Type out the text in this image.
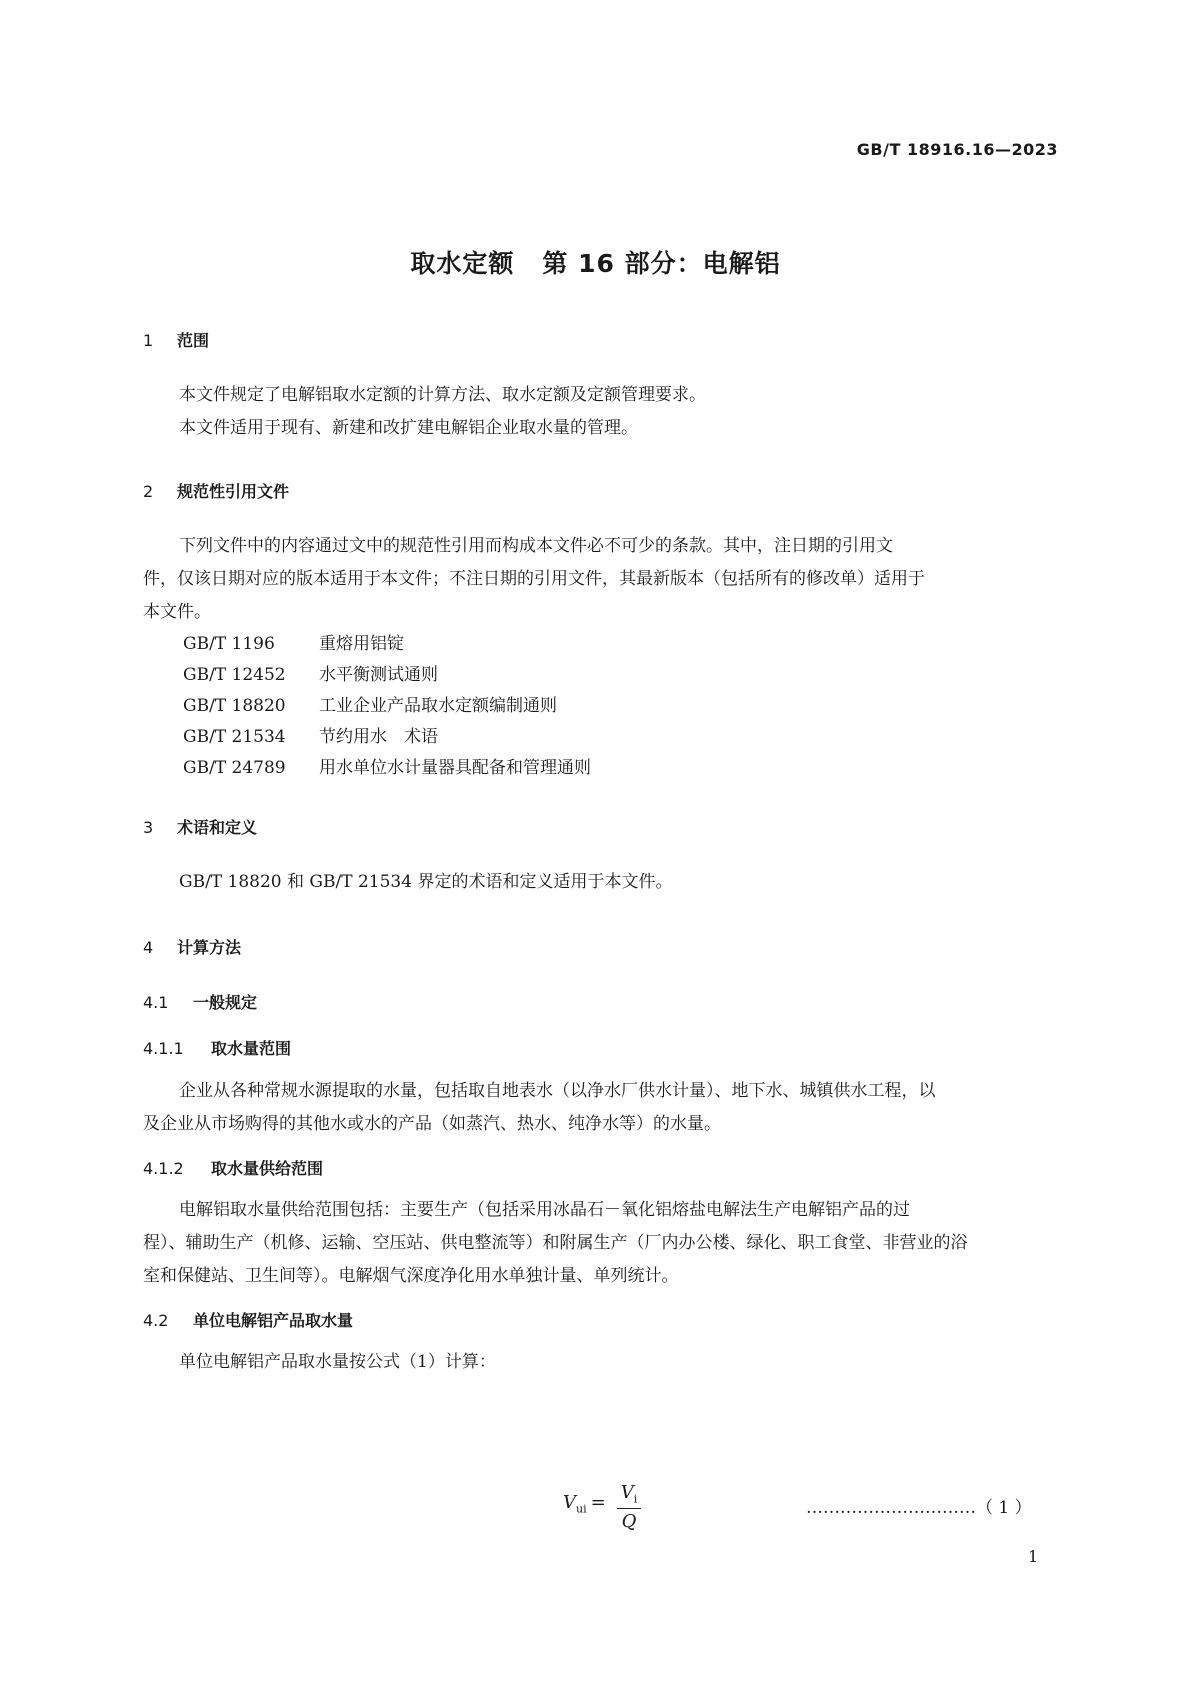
GB/T 18916.16—2023
取水定额 第 16 部分：电解铝
1 范围
本文件规定了电解铝取水定额的计算方法、取水定额及定额管理要求。
本文件适用于现有、新建和改扩建电解铝企业取水量的管理。
2 规范性引用文件
下列文件中的内容通过文中的规范性引用而构成本文件必不可少的条款。其中，注日期的引用文
件，仅该日期对应的版本适用于本文件；不注日期的引用文件，其最新版本（包括所有的修改单）适用于
本文件。
GB/T 1196	重熔用铝锭
GB/T 12452 水平衡测试通则
GB/T 18820 工业企业产品取水定额编制通则
GB/T 21534 节约用水　术语
GB/T 24789 用水单位水计量器具配备和管理通则
3 术语和定义
GB/T 18820 和 GB/T 21534 界定的术语和定义适用于本文件。
4 计算方法
4.1 一般规定
4.1.1 取水量范围
企业从各种常规水源提取的水量，包括取自地表水（以净水厂供水计量）、地下水、城镇供水工程，以
及企业从市场购得的其他水或水的产品（如蒸汽、热水、纯净水等）的水量。
4.1.2 取水量供给范围
电解铝取水量供给范围包括：主要生产（包括采用冰晶石－氧化铝熔盐电解法生产电解铝产品的过
程）、辅助生产（机修、运输、空压站、供电整流等）和附属生产（厂内办公楼、绿化、职工食堂、非营业的浴
室和保健站、卫生间等）。电解烟气深度净化用水单独计量、单列统计。
4.2 单位电解铝产品取水量
单位电解铝产品取水量按公式（1）计算：
$V_{ui} = V_i$
Q
…………………………（ 1 ）
1
